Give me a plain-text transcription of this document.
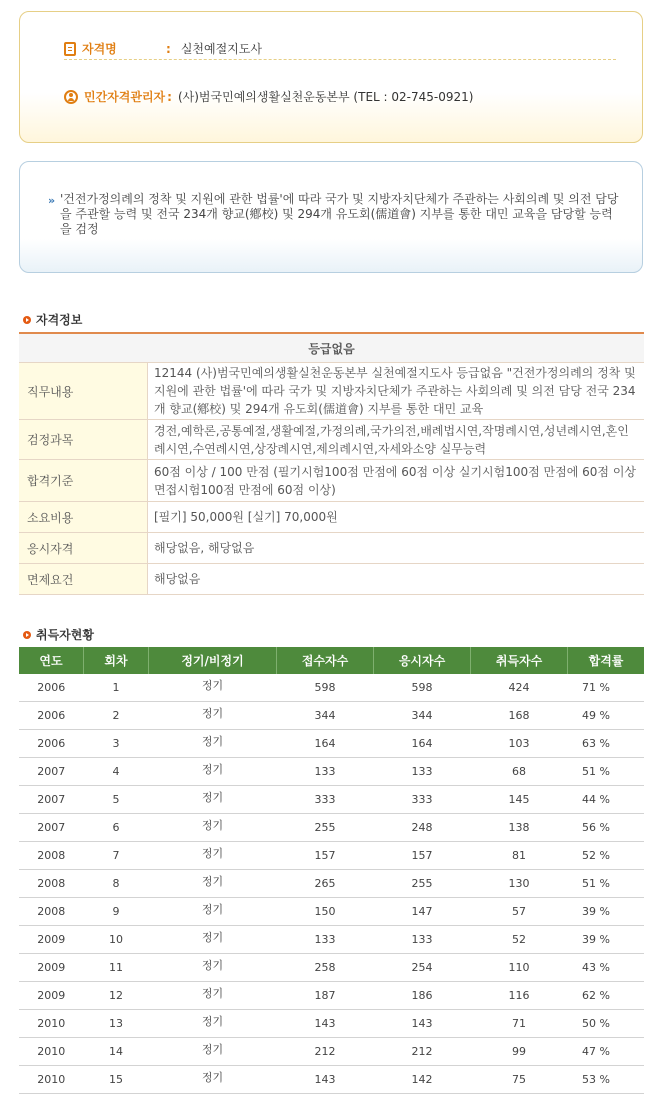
자격명	: 실천예절지도사
민간자격관리자 : (사)범국민예의생활실천운동본부 (TEL : 02-745-0921)
» '건전가정의례의 정착 및 지원에 관한 법률'에 따라 국가 및 지방자치단체가 주관하는 사회의례 및 의전 담당을 주관할 능력 및 전국 234개 향교(鄕校) 및 294개 유도회(儒道會) 지부를 통한 대민 교육을 담당할 능력을 검정
자격정보
등급없음	
직무내용	12144 (사)범국민예의생활실천운동본부 실천예절지도사 등급없음 "건전가정의례의 정착 및 지원에 관한 법률'에 따라 국가 및 지방자치단체가 주관하는 사회의례 및 의전 담당 전국 234개 향교(鄕校) 및 294개 유도회(儒道會) 지부를 통한 대민 교육
검정과목	경전,예학론,공통예절,생활예절,가정의례,국가의전,배례법시연,작명례시연,성년례시연,혼인례시연,수연례시연,상장례시연,제의례시연,자세와소양 실무능력
합격기준	60점 이상 / 100 만점 (필기시험100점 만점에 60점 이상 실기시험100점 만점에 60점 이상 면접시험100점 만점에 60점 이상)
소요비용	[필기] 50,000원 [실기] 70,000원
응시자격	해당없음, 해당없음
면제요건	해당없음
취득자현황
연도	회차	정기/비정기	접수자수	응시자수	취득자수	합격률
2006	1	정기	598	598	424	71 %
2006	2	정기	344	344	168	49 %
2006	3	정기	164	164	103	63 %
2007	4	정기	133	133	68	51 %
2007	5	정기	333	333	145	44 %
2007	6	정기	255	248	138	56 %
2008	7	정기	157	157	81	52 %
2008	8	정기	265	255	130	51 %
2008	9	정기	150	147	57	39 %
2009	10	정기	133	133	52	39 %
2009	11	정기	258	254	110	43 %
2009	12	정기	187	186	116	62 %
2010	13	정기	143	143	71	50 %
2010	14	정기	212	212	99	47 %
2010	15	정기	143	142	75	53 %
